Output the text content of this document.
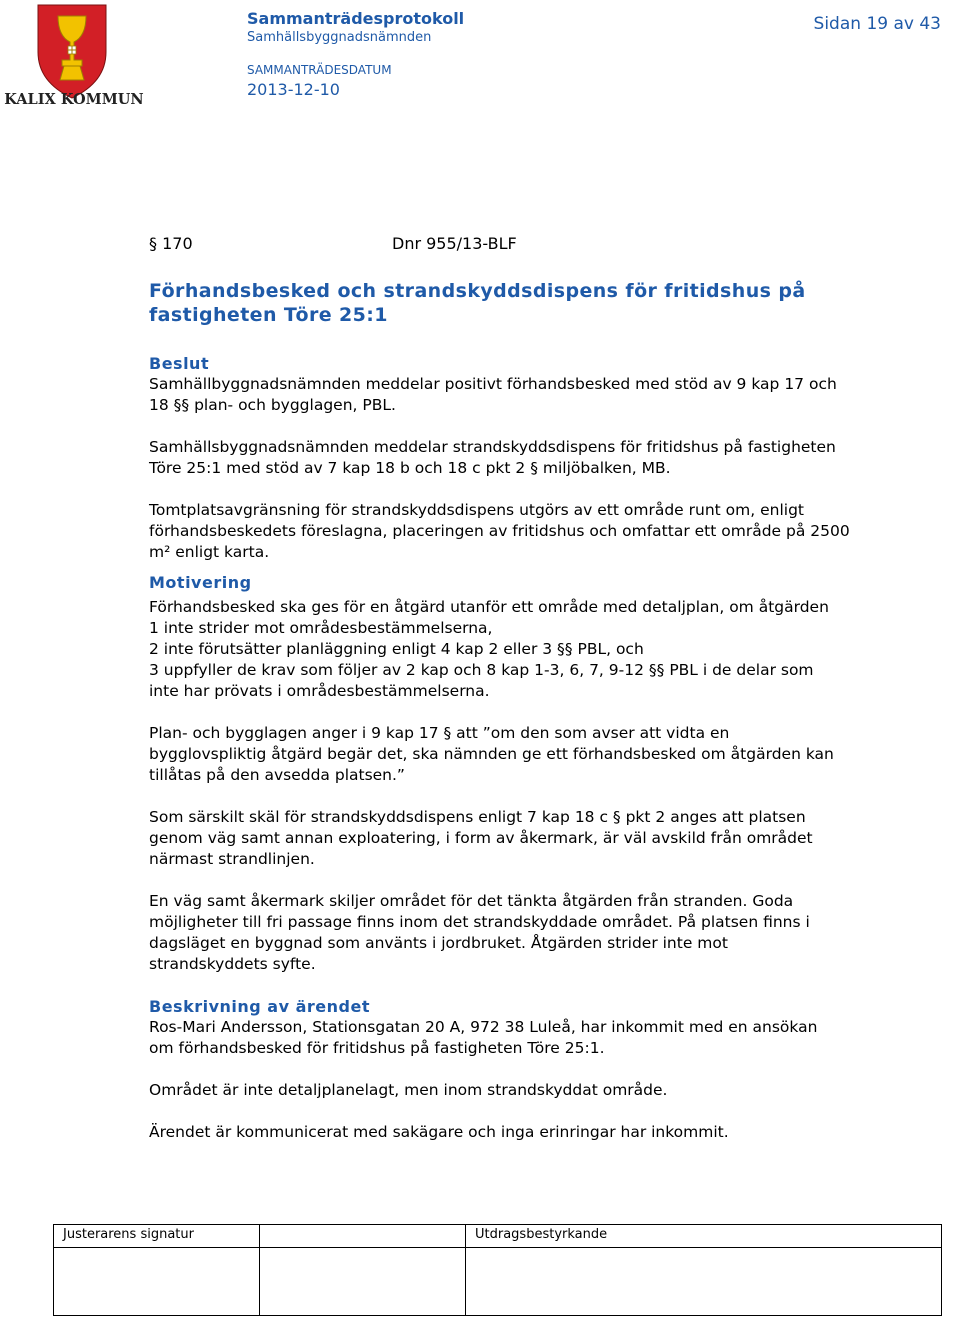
KALIX KOMMUN
Sammanträdesprotokoll
Samhällsbyggnadsnämnden
SAMMANTRÄDESDATUM
2013-12-10
Sidan 19 av 43
§ 170	Dnr 955/13-BLF
Förhandsbesked och strandskyddsdispens för fritidshus på
fastigheten Töre 25:1
Beslut

Samhällbyggnadsnämnden meddelar positivt förhandsbesked med stöd av 9 kap 17 och
18 §§ plan- och bygglagen, PBL.

Samhällsbyggnadsnämnden meddelar strandskyddsdispens för fritidshus på fastigheten
Töre 25:1 med stöd av 7 kap 18 b och 18 c pkt 2 § miljöbalken, MB.

Tomtplatsavgränsning för strandskyddsdispens utgörs av ett område runt om, enligt
förhandsbeskedets föreslagna, placeringen av fritidshus och omfattar ett område på 2500
m² enligt karta.

Motivering

Förhandsbesked ska ges för en åtgärd utanför ett område med detaljplan, om åtgärden
1 inte strider mot områdesbestämmelserna,
2 inte förutsätter planläggning enligt 4 kap 2 eller 3 §§ PBL, och
3 uppfyller de krav som följer av 2 kap och 8 kap 1-3, 6, 7, 9-12 §§ PBL i de delar som
inte har prövats i områdesbestämmelserna.

Plan- och bygglagen anger i 9 kap 17 § att ”om den som avser att vidta en
bygglovspliktig åtgärd begär det, ska nämnden ge ett förhandsbesked om åtgärden kan
tillåtas på den avsedda platsen.”

Som särskilt skäl för strandskyddsdispens enligt 7 kap 18 c § pkt 2 anges att platsen
genom väg samt annan exploatering, i form av åkermark, är väl avskild från området
närmast strandlinjen.

En väg samt åkermark skiljer området för det tänkta åtgärden från stranden. Goda
möjligheter till fri passage finns inom det strandskyddade området. På platsen finns i
dagsläget en byggnad som använts i jordbruket. Åtgärden strider inte mot
strandskyddets syfte.

Beskrivning av ärendet

Ros-Mari Andersson, Stationsgatan 20 A, 972 38 Luleå, har inkommit med en ansökan
om förhandsbesked för fritidshus på fastigheten Töre 25:1.

Området är inte detaljplanelagt, men inom strandskyddat område.

Ärendet är kommunicerat med sakägare och inga erinringar har inkommit.

Justerarens signatur	Utdragsbestyrkande
